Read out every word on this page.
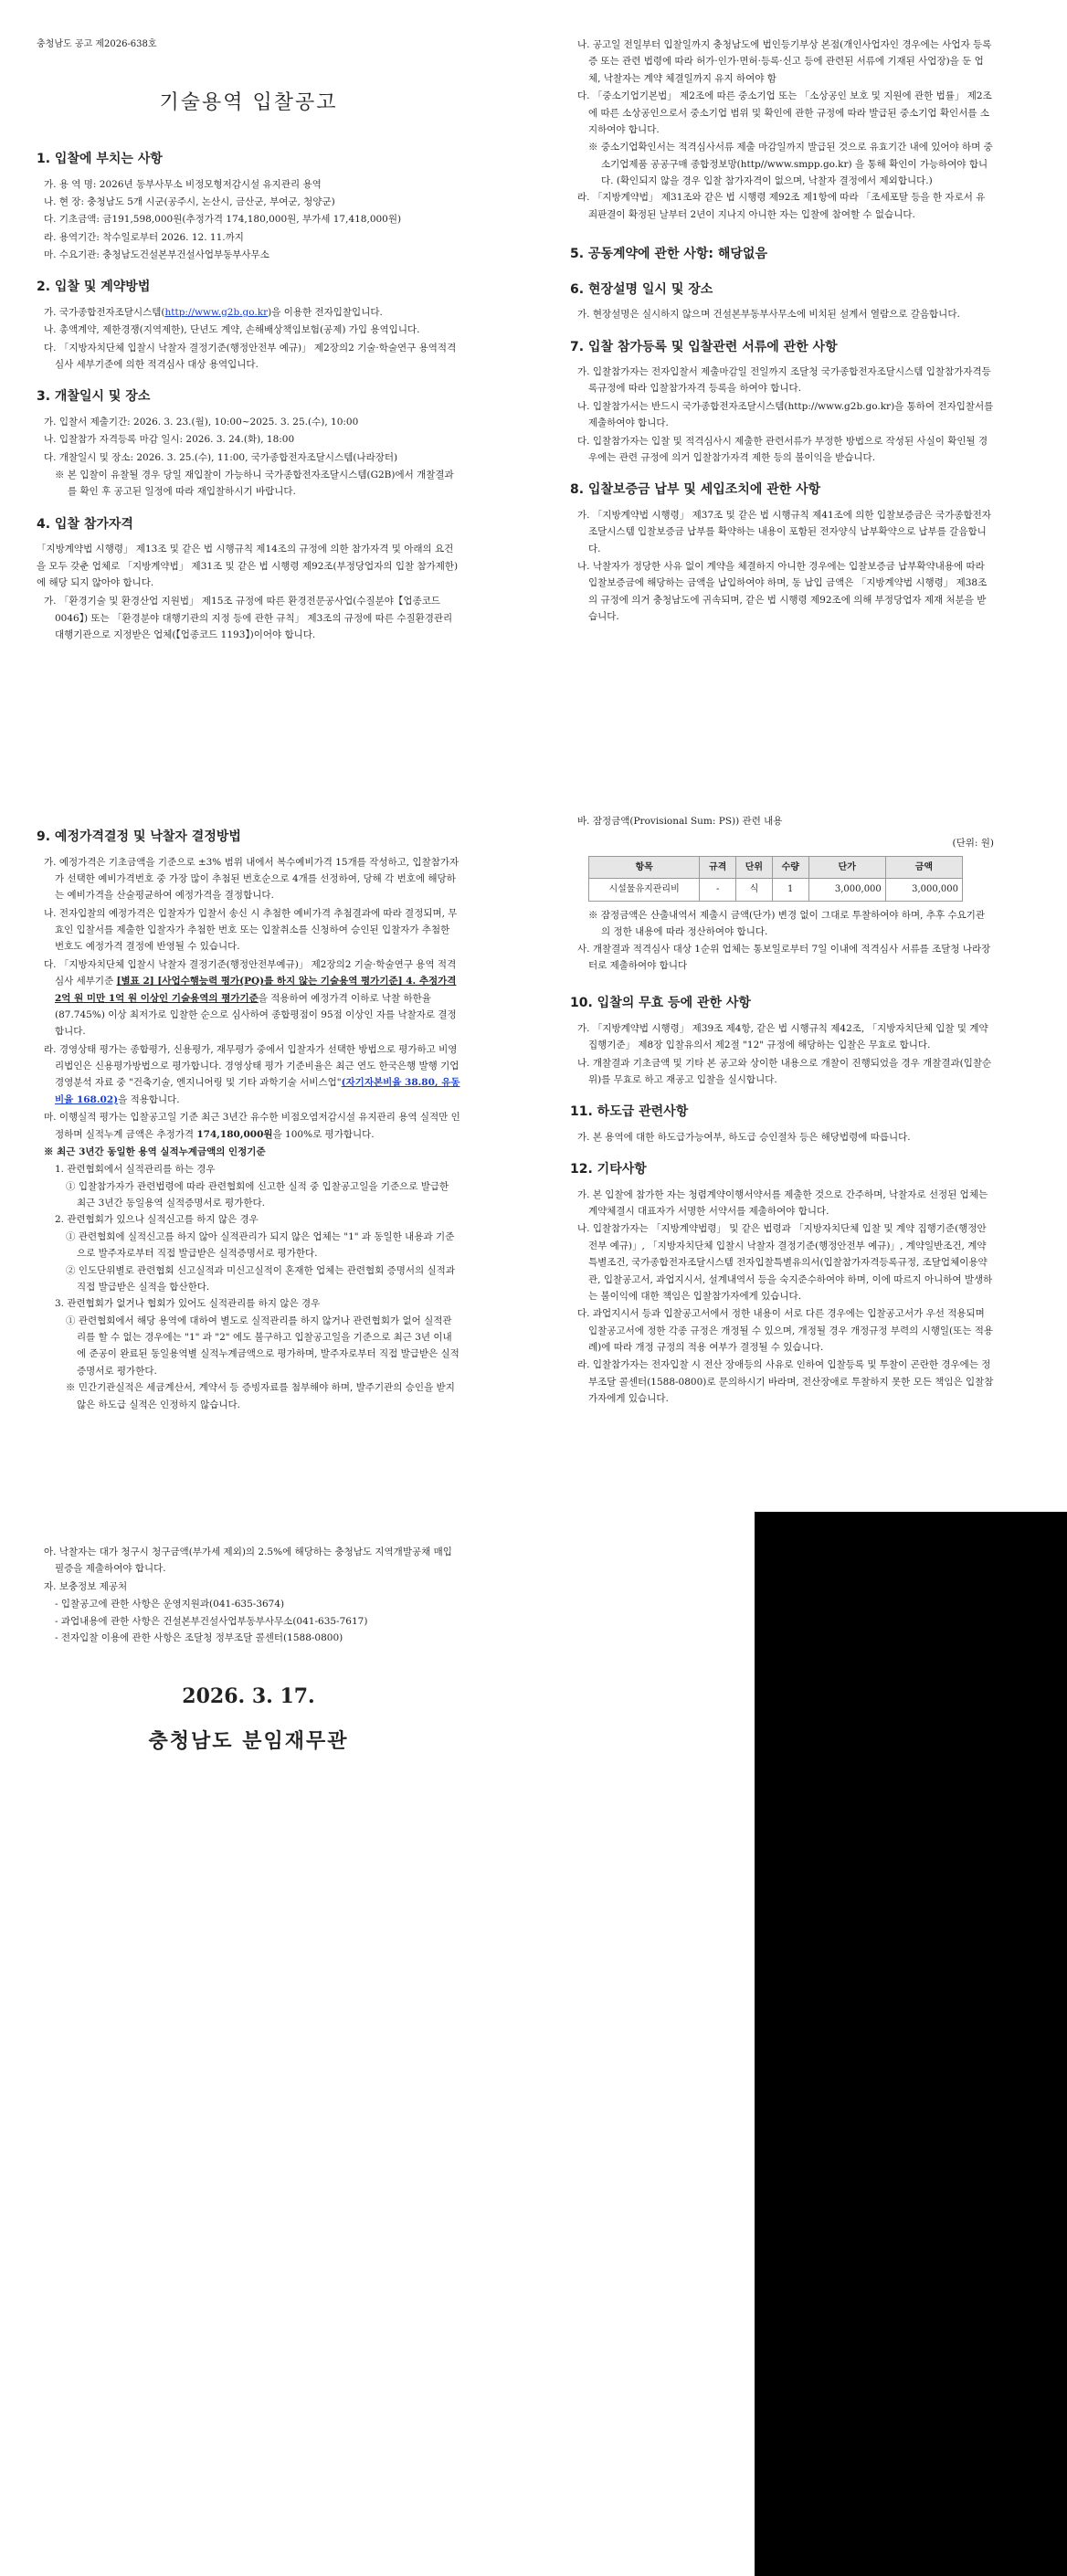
충청남도 공고 제2026-638호
기술용역 입찰공고
1. 입찰에 부치는 사항

가. 용 역 명: 2026년 동부사무소 비정모형저감시설 유지관리 용역

나. 현 장: 충청남도 5개 시군(공주시, 논산시, 금산군, 부여군, 청양군)

다. 기초금액: 금191,598,000원(추정가격 174,180,000원, 부가세 17,418,000원)

라. 용역기간: 착수일로부터 2026. 12. 11.까지

마. 수요기관: 충청남도건설본부건설사업부동부사무소

2. 입찰 및 계약방법

가. 국가종합전자조달시스템(http://www.g2b.go.kr)을 이용한 전자입찰입니다.

나. 총액계약, 제한경쟁(지역제한), 단년도 계약, 손해배상책임보험(공제) 가입 용역입니다.

다. 「지방자치단체 입찰시 낙찰자 결정기준(행정안전부 예규)」 제2장의2 기술·학술연구 용역적격심사 세부기준에 의한 적격심사 대상 용역입니다.

3. 개찰일시 및 장소

가. 입찰서 제출기간: 2026. 3. 23.(월), 10:00~2025. 3. 25.(수), 10:00

나. 입찰참가 자격등록 마감 일시: 2026. 3. 24.(화), 18:00

다. 개찰일시 및 장소: 2026. 3. 25.(수), 11:00, 국가종합전자조달시스템(나라장터)

※ 본 입찰이 유찰될 경우 당일 재입찰이 가능하니 국가종합전자조달시스템(G2B)에서 개찰결과를 확인 후 공고된 일정에 따라 재입찰하시기 바랍니다.

4. 입찰 참가자격

「지방계약법 시행령」 제13조 및 같은 법 시행규칙 제14조의 규정에 의한 참가자격 및 아래의 요건을 모두 갖춘 업체로 「지방계약법」 제31조 및 같은 법 시행령 제92조(부정당업자의 입찰 참가제한)에 해당 되지 않아야 합니다.

가. 「환경기술 및 환경산업 지원법」 제15조 규정에 따른 환경전문공사업(수질분야【업종코드 0046】) 또는 「환경분야 대행기관의 지정 등에 관한 규칙」 제3조의 규정에 따른 수질환경관리대행기관으로 지정받은 업체(【업종코드 1193】)이어야 합니다.

나. 공고일 전일부터 입찰일까지 충청남도에 법인등기부상 본점(개인사업자인 경우에는 사업자 등록증 또는 관련 법령에 따라 허가·인가·면허·등록·신고 등에 관련된 서류에 기재된 사업장)을 둔 업체, 낙찰자는 계약 체결일까지 유지 하여야 함

다. 「중소기업기본법」 제2조에 따른 중소기업 또는 「소상공인 보호 및 지원에 관한 법률」 제2조에 따른 소상공인으로서 중소기업 범위 및 확인에 관한 규정에 따라 발급된 중소기업 확인서를 소지하여야 합니다.

※ 중소기업확인서는 적격심사서류 제출 마감일까지 발급된 것으로 유효기간 내에 있어야 하며 중소기업제품 공공구매 종합정보망(http//www.smpp.go.kr) 을 통해 확인이 가능하여야 합니다. (확인되지 않을 경우 입찰 참가자격이 없으며, 낙찰자 결정에서 제외합니다.)

라. 「지방계약법」 제31조와 같은 법 시행령 제92조 제1항에 따라 「조세포탈 등을 한 자로서 유죄판결이 확정된 날부터 2년이 지나지 아니한 자는 입찰에 참여할 수 없습니다.

5. 공동계약에 관한 사항: 해당없음
6. 현장설명 일시 및 장소

가. 현장설명은 실시하지 않으며 건설본부동부사무소에 비치된 설계서 열람으로 갈음합니다.

7. 입찰 참가등록 및 입찰관련 서류에 관한 사항

가. 입찰참가자는 전자입찰서 제출마감일 전일까지 조달청 국가종합전자조달시스템 입찰참가자격등록규정에 따라 입찰참가자격 등록을 하여야 합니다.

나. 입찰참가서는 반드시 국가종합전자조달시스템(http://www.g2b.go.kr)을 통하여 전자입찰서를 제출하여야 합니다.

다. 입찰참가자는 입찰 및 적격심사시 제출한 관련서류가 부정한 방법으로 작성된 사실이 확인될 경우에는 관련 규정에 의거 입찰참가자격 제한 등의 불이익을 받습니다.

8. 입찰보증금 납부 및 세입조치에 관한 사항

가. 「지방계약법 시행령」 제37조 및 같은 법 시행규칙 제41조에 의한 입찰보증금은 국가종합전자조달시스템 입찰보증금 납부를 확약하는 내용이 포함된 전자양식 납부확약으로 납부를 갈음합니다.

나. 낙찰자가 정당한 사유 없이 계약을 체결하지 아니한 경우에는 입찰보증금 납부확약내용에 따라 입찰보증금에 해당하는 금액을 납입하여야 하며, 동 납입 금액은 「지방계약법 시행령」 제38조의 규정에 의거 충청남도에 귀속되며, 같은 법 시행령 제92조에 의해 부정당업자 제재 처분을 받습니다.

9. 예정가격결정 및 낙찰자 결정방법

가. 예정가격은 기초금액을 기준으로 ±3% 범위 내에서 복수예비가격 15개를 작성하고, 입찰참가자가 선택한 예비가격번호 중 가장 많이 추첨된 번호순으로 4개를 선정하여, 당해 각 번호에 해당하는 예비가격을 산술평균하여 예정가격을 결정합니다.

나. 전자입찰의 예정가격은 입찰자가 입찰서 송신 시 추첨한 예비가격 추첨결과에 따라 결정되며, 무효인 입찰서를 제출한 입찰자가 추첨한 번호 또는 입찰취소를 신청하여 승인된 입찰자가 추첨한 번호도 예정가격 결정에 반영될 수 있습니다.

다. 「지방자치단체 입찰시 낙찰자 결정기준(행정안전부예규)」 제2장의2 기술·학술연구 용역 적격심사 세부기준 [별표 2] [사업수행능력 평가(PQ)를 하지 않는 기술용역 평가기준] 4. 추정가격 2억 원 미만 1억 원 이상인 기술용역의 평가기준을 적용하여 예정가격 이하로 낙찰 하한율(87.745%) 이상 최저가로 입찰한 순으로 심사하여 종합평점이 95점 이상인 자를 낙찰자로 결정합니다.

라. 경영상태 평가는 종합평가, 신용평가, 재무평가 중에서 입찰자가 선택한 방법으로 평가하고 비영리법인은 신용평가방법으로 평가합니다. 경영상태 평가 기준비율은 최근 연도 한국은행 발행 기업경영분석 자료 중 "건축기술, 엔지니어링 및 기타 과학기술 서비스업"(자기자본비율 38.80, 유동비율 168.02)을 적용합니다.

마. 이행실적 평가는 입찰공고일 기준 최근 3년간 유수한 비점오염저감시설 유지관리 용역 실적만 인정하며 실적누계 금액은 추정가격 174,180,000원을 100%로 평가합니다.

※ 최근 3년간 동일한 용역 실적누계금액의 인정기준

1. 관련협회에서 실적관리를 하는 경우

① 입찰참가자가 관련법령에 따라 관련협회에 신고한 실적 중 입찰공고일을 기준으로 발급한 최근 3년간 동일용역 실적증명서로 평가한다.

2. 관련협회가 있으나 실적신고를 하지 않은 경우

① 관련협회에 실적신고를 하지 않아 실적관리가 되지 않은 업체는 "1" 과 동일한 내용과 기준으로 발주자로부터 직접 발급받은 실적증명서로 평가한다.

② 인도단위별로 관련협회 신고실적과 미신고실적이 혼재한 업체는 관련협회 증명서의 실적과 직접 발급받은 실적을 합산한다.

3. 관련협회가 없거나 협회가 있어도 실적관리를 하지 않은 경우

① 관련협회에서 해당 용역에 대하여 별도로 실적관리를 하지 않거나 관련협회가 없어 실적관리를 할 수 없는 경우에는 "1" 과 "2" 에도 불구하고 입찰공고일을 기준으로 최근 3년 이내에 준공이 완료된 동일용역별 실적누계금액으로 평가하며, 발주자로부터 직접 발급받은 실적증명서로 평가한다.

※ 민간기관실적은 세금계산서, 계약서 등 증빙자료를 첨부해야 하며, 발주기관의 승인을 받지 않은 하도급 실적은 인정하지 않습니다.

바. 잠정금액(Provisional Sum: PS)) 관련 내용

(단위: 원)
항목	규격	단위	수량	단가	금액
시설물유지관리비	-	식	1	3,000,000	3,000,000

※ 잠정금액은 산출내역서 제출시 금액(단가) 변경 없이 그대로 투찰하여야 하며, 추후 수요기관의 정한 내용에 따라 정산하여야 합니다.

사. 개찰결과 적격심사 대상 1순위 업체는 통보일로부터 7일 이내에 적격심사 서류를 조달청 나라장터로 제출하여야 합니다

10. 입찰의 무효 등에 관한 사항

가. 「지방계약법 시행령」 제39조 제4항, 같은 법 시행규칙 제42조, 「지방자치단체 입찰 및 계약집행기준」 제8장 입찰유의서 제2절 "12" 규정에 해당하는 입찰은 무효로 합니다.

나. 개찰결과 기초금액 및 기타 본 공고와 상이한 내용으로 개찰이 진행되었을 경우 개찰결과(입찰순위)를 무효로 하고 재공고 입찰을 실시합니다.

11. 하도급 관련사항

가. 본 용역에 대한 하도급가능여부, 하도급 승인절차 등은 해당법령에 따릅니다.

12. 기타사항

가. 본 입찰에 참가한 자는 청렴계약이행서약서를 제출한 것으로 간주하며, 낙찰자로 선정된 업체는 계약체결시 대표자가 서명한 서약서를 제출하여야 합니다.

나. 입찰참가자는 「지방계약법령」 및 같은 법령과 「지방자치단체 입찰 및 계약 집행기준(행정안전부 예규)」, 「지방자치단체 입찰시 낙찰자 결정기준(행정안전부 예규)」, 계약일반조건, 계약특별조건, 국가종합전자조달시스템 전자입찰특별유의서(입찰참가자격등록규정, 조달업체이용약관, 입찰공고서, 과업지시서, 설계내역서 등을 숙지준수하여야 하며, 이에 따르지 아니하여 발생하는 불이익에 대한 책임은 입찰참가자에게 있습니다.

다. 과업지시서 등과 입찰공고서에서 정한 내용이 서로 다른 경우에는 입찰공고서가 우선 적용되며 입찰공고서에 정한 각종 규정은 개정될 수 있으며, 개정될 경우 개정규정 부력의 시행일(또는 적용례)에 따라 개정 규정의 적용 여부가 결정될 수 있습니다.

라. 입찰참가자는 전자입찰 시 전산 장애등의 사유로 인하여 입찰등록 및 투찰이 곤란한 경우에는 정부조달 콜센터(1588-0800)로 문의하시기 바라며, 전산장애로 투찰하지 못한 모든 책임은 입찰참가자에게 있습니다.

아. 낙찰자는 대가 청구시 청구금액(부가세 제외)의 2.5%에 해당하는 충청남도 지역개발공채 매입필증을 제출하여야 합니다.

자. 보충정보 제공처

- 입찰공고에 관한 사항은 운영지원과(041-635-3674)

- 과업내용에 관한 사항은 건설본부건설사업부동부사무소(041-635-7617)

- 전자입찰 이용에 관한 사항은 조달청 정부조달 콜센터(1588-0800)

2026. 3. 17.
충청남도 분임재무관
